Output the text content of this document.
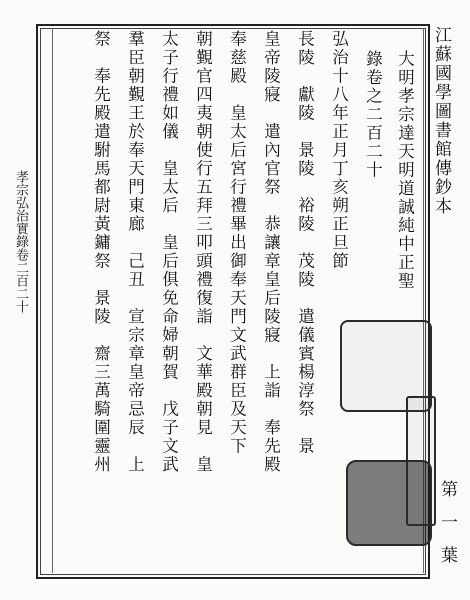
江蘇國學圖書館傳鈔本
大明孝宗達天明道誠純中正聖
錄卷之二百二十
弘治十八年正月丁亥朔正旦節
長陵　獻陵　景陵　裕陵　茂陵　遣儀賓楊淳祭　景
皇帝陵寢　遣內官祭　恭讓章皇后陵寢　上詣　奉先殿
奉慈殿　皇太后宮行禮畢出御奉天門文武群臣及天下
朝覲官四夷朝使行五拜三叩頭禮復詣　文華殿朝見　皇
太子行禮如儀　皇太后　皇后俱免命婦朝賀　戊子文武
羣臣朝覲王於奉天門東廊　己丑　宣宗章皇帝忌辰　上
祭　奉先殿遣駙馬都尉黃鏞祭　景陵　齋三萬騎圍靈州
孝宗弘治實錄卷二百二十
第一葉
